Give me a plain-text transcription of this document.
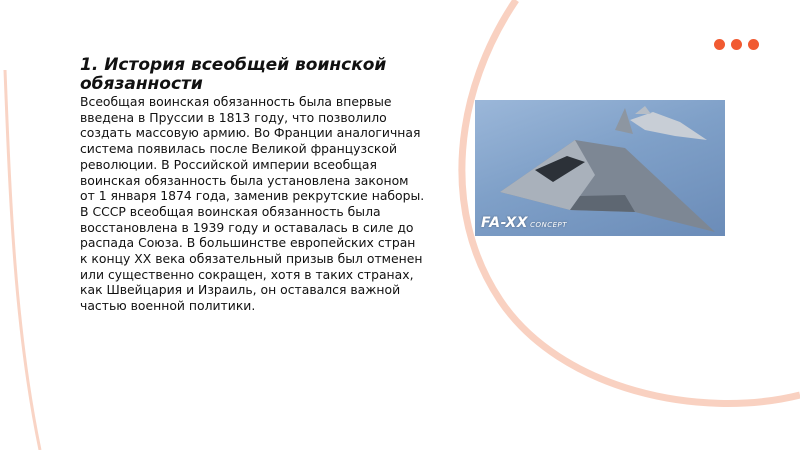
1. История всеобщей воинской обязанности

Всеобщая воинская обязанность была впервые введена в Пруссии в 1813 году, что позволило создать массовую армию. Во Франции аналогичная система появилась после Великой французской революции. В Российской империи всеобщая воинская обязанность была установлена законом от 1 января 1874 года, заменив рекрутские наборы. В СССР всеобщая воинская обязанность была восстановлена в 1939 году и оставалась в силе до распада Союза. В большинстве европейских стран к концу XX века обязательный призыв был отменен или существенно сокращен, хотя в таких странах, как Швейцария и Израиль, он оставался важной частью военной политики.

FA-XX CONCEPT
